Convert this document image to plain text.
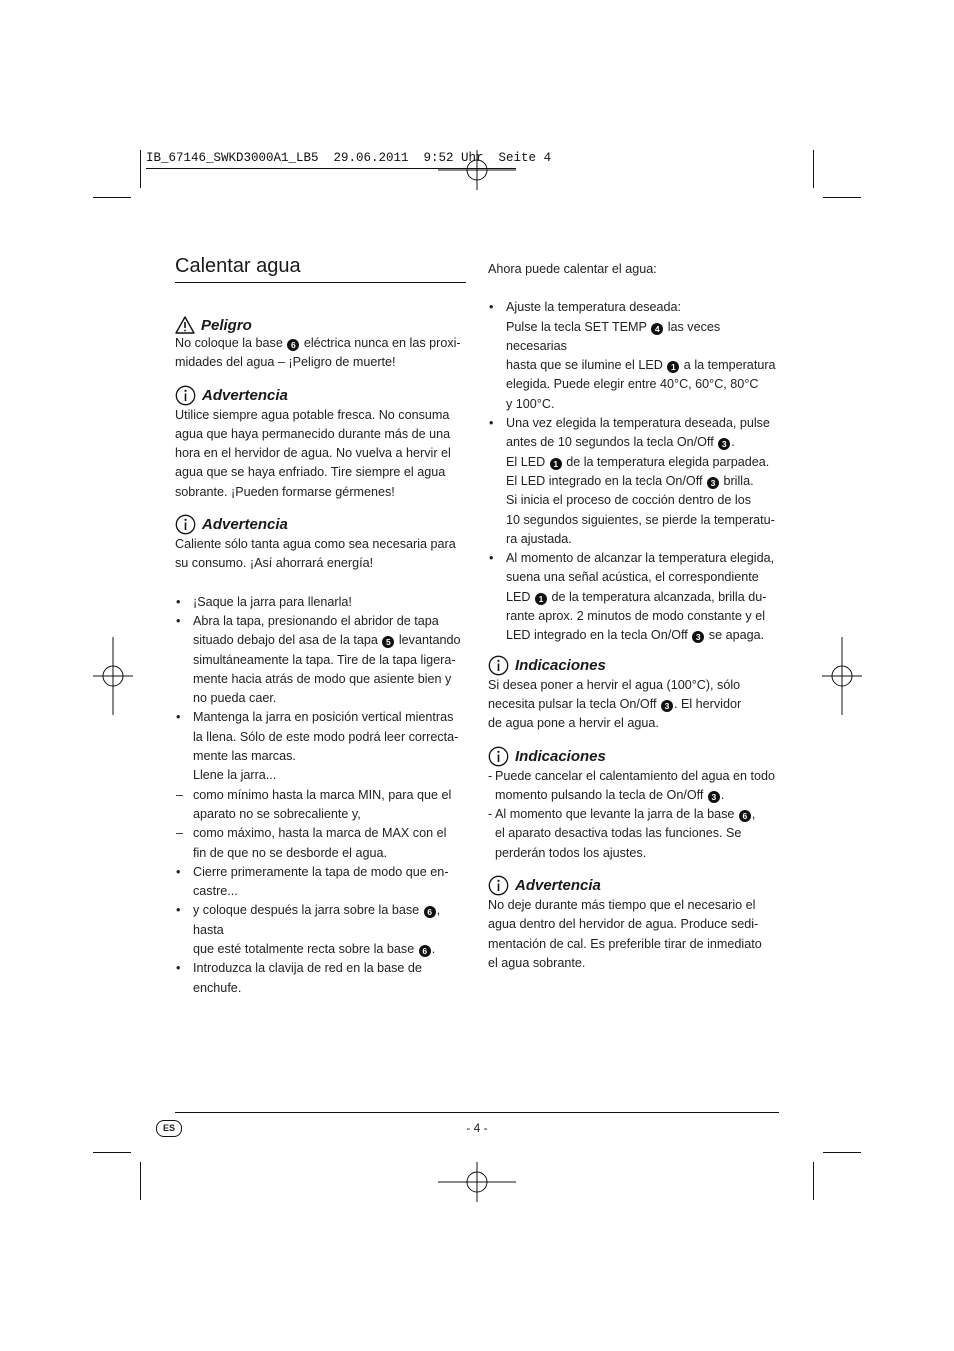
IB_67146_SWKD3000A1_LB5  29.06.2011  9:52 Uhr  Seite 4
Calentar agua
Peligro
No coloque la base 6 eléctrica nunca en las proxi-
midades del agua – ¡Peligro de muerte!
Advertencia
Utilice siempre agua potable fresca. No consuma
agua que haya permanecido durante más de una
hora en el hervidor de agua. No vuelva a hervir el
agua que se haya enfriado. Tire siempre el agua
sobrante. ¡Pueden formarse gérmenes!
Advertencia
Caliente sólo tanta agua como sea necesaria para
su consumo. ¡Así ahorrará energía!
• ¡Saque la jarra para llenarla!
• Abra la tapa, presionando el abridor de tapa
situado debajo del asa de la tapa 5 levantando
simultáneamente la tapa. Tire de la tapa ligera-
mente hacia atrás de modo que asiente bien y
no pueda caer.
• Mantenga la jarra en posición vertical mientras
la llena. Sólo de este modo podrá leer correcta-
mente las marcas.
Llene la jarra...
– como mínimo hasta la marca MIN, para que el
aparato no se sobrecaliente y,
– como máximo, hasta la marca de MAX con el
fin de que no se desborde el agua.
• Cierre primeramente la tapa de modo que en-
castre...
• y coloque después la jarra sobre la base 6 , hasta
que esté totalmente recta sobre la base 6 .
• Introduzca la clavija de red en la base de enchufe.
Ahora puede calentar el agua:
• Ajuste la temperatura deseada:
Pulse la tecla SET TEMP 4 las veces necesarias
hasta que se ilumine el LED 1 a la temperatura
elegida. Puede elegir entre 40°C, 60°C, 80°C
y 100°C.
• Una vez elegida la temperatura deseada, pulse
antes de 10 segundos la tecla On/Off 3 .
El LED 1 de la temperatura elegida parpadea.
El LED integrado en la tecla On/Off 3 brilla.
Si inicia el proceso de cocción dentro de los
10 segundos siguientes, se pierde la temperatu-
ra ajustada.
• Al momento de alcanzar la temperatura elegida,
suena una señal acústica, el correspondiente
LED 1 de la temperatura alcanzada, brilla du-
rante aprox. 2 minutos de modo constante y el
LED integrado en la tecla On/Off 3 se apaga.
Indicaciones
Si desea poner a hervir el agua (100°C), sólo
necesita pulsar la tecla On/Off 3 . El hervidor
de agua pone a hervir el agua.
Indicaciones
- Puede cancelar el calentamiento del agua en todo
momento pulsando la tecla de On/Off 3 .
- Al momento que levante la jarra de la base 6 ,
el aparato desactiva todas las funciones. Se
perderán todos los ajustes.
Advertencia
No deje durante más tiempo que el necesario el
agua dentro del hervidor de agua. Produce sedi-
mentación de cal. Es preferible tirar de inmediato
el agua sobrante.
ES	- 4 -
